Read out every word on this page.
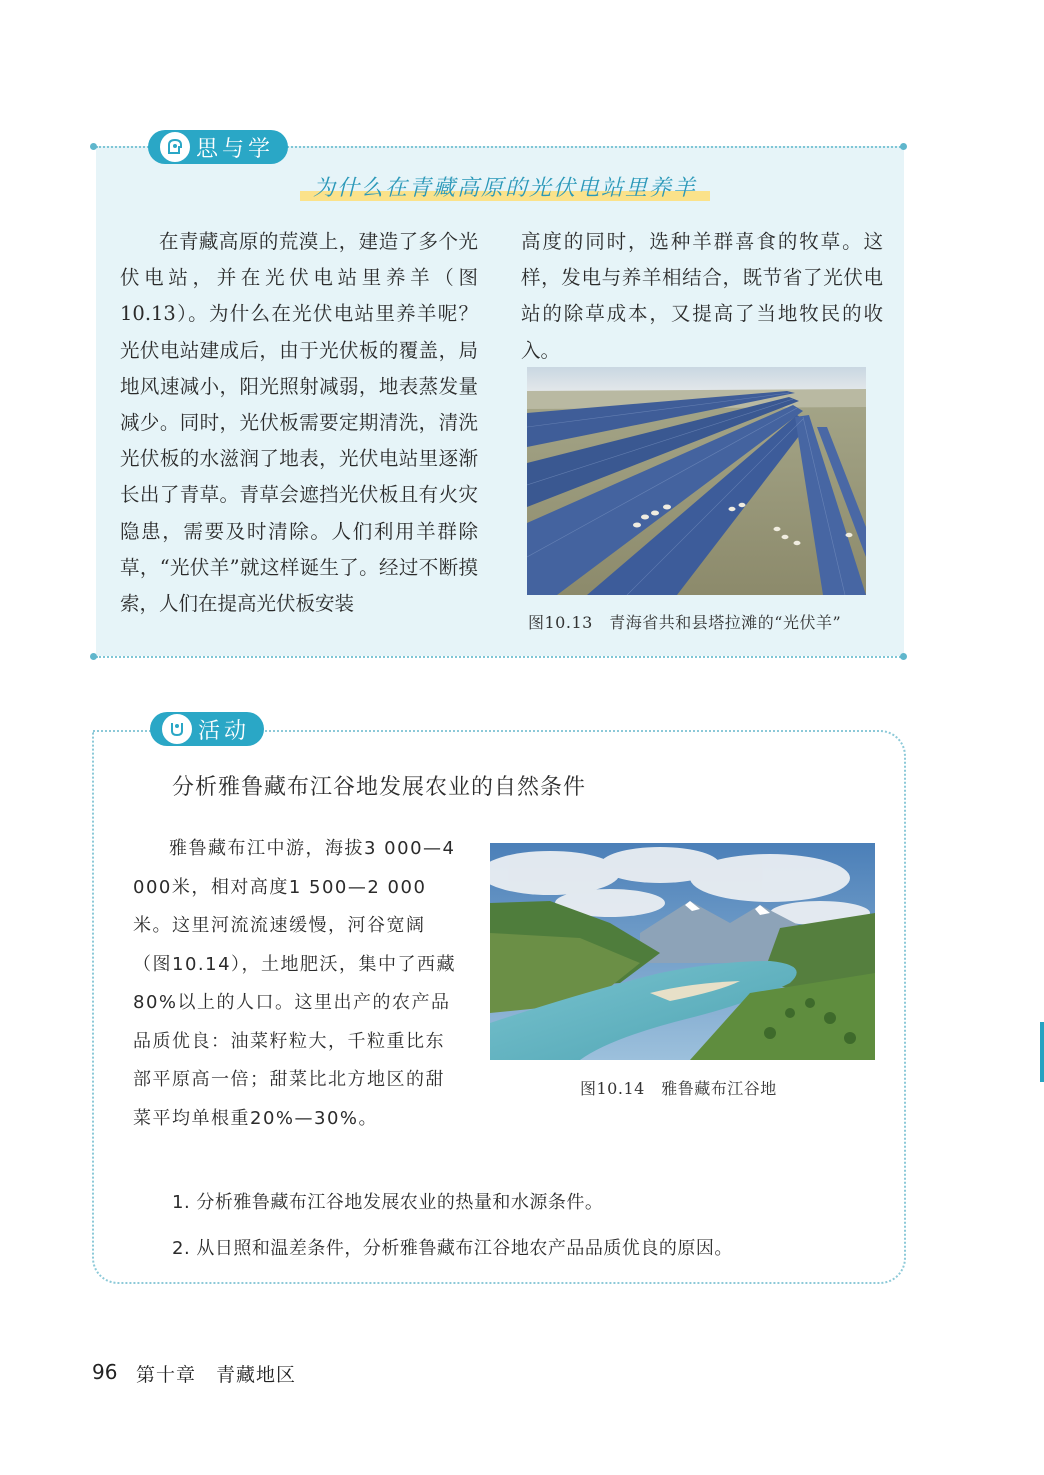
思与学
为什么在青藏高原的光伏电站里养羊
在青藏高原的荒漠上，建造了多个光伏电站，并在光伏电站里养羊（图10.13）。为什么在光伏电站里养羊呢？光伏电站建成后，由于光伏板的覆盖，局地风速减小，阳光照射减弱，地表蒸发量减少。同时，光伏板需要定期清洗，清洗光伏板的水滋润了地表，光伏电站里逐渐长出了青草。青草会遮挡光伏板且有火灾隐患，需要及时清除。人们利用羊群除草，“光伏羊”就这样诞生了。经过不断摸索，人们在提高光伏板安装
高度的同时，选种羊群喜食的牧草。这样，发电与养羊相结合，既节省了光伏电站的除草成本，又提高了当地牧民的收入。
图10.13　青海省共和县塔拉滩的“光伏羊”
活动
分析雅鲁藏布江谷地发展农业的自然条件
雅鲁藏布江中游，海拔3 000—4 000米，相对高度1 500—2 000米。这里河流流速缓慢，河谷宽阔（图10.14），土地肥沃，集中了西藏80%以上的人口。这里出产的农产品品质优良：油菜籽粒大，千粒重比东部平原高一倍；甜菜比北方地区的甜菜平均单根重20%—30%。
图10.14　雅鲁藏布江谷地
1. 分析雅鲁藏布江谷地发展农业的热量和水源条件。
2. 从日照和温差条件，分析雅鲁藏布江谷地农产品品质优良的原因。
96 第十章　青藏地区
